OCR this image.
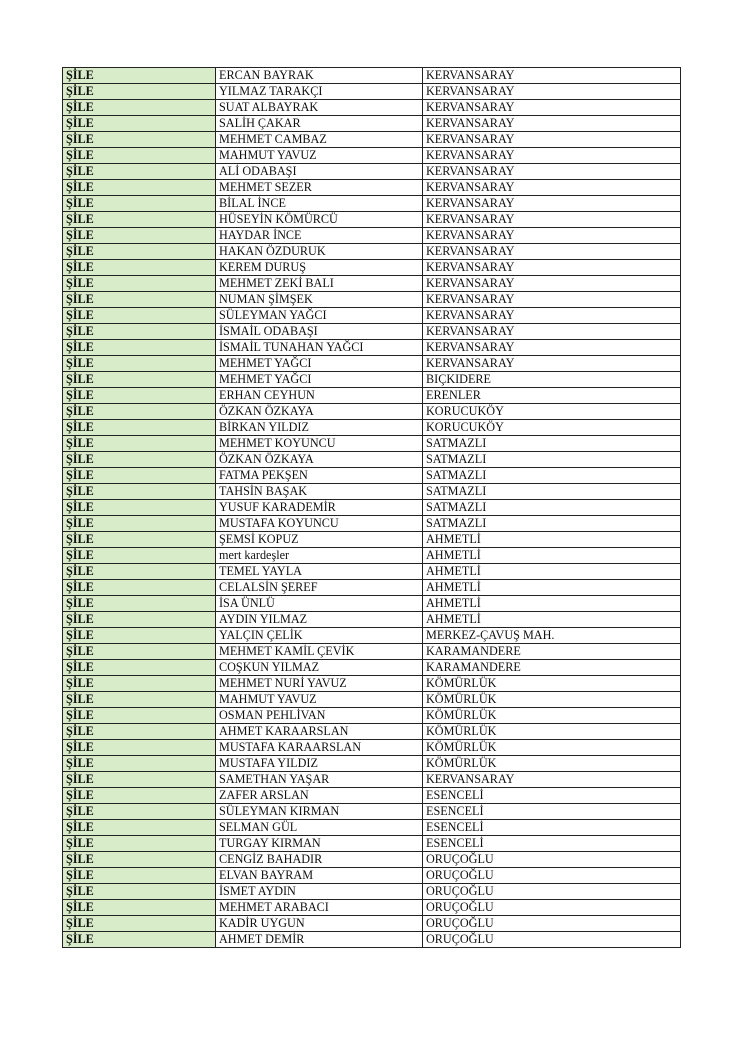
ŞİLE	ERCAN BAYRAK	KERVANSARAY
ŞİLE	YILMAZ TARAKÇI	KERVANSARAY
ŞİLE	SUAT ALBAYRAK	KERVANSARAY
ŞİLE	SALİH ÇAKAR	KERVANSARAY
ŞİLE	MEHMET CAMBAZ	KERVANSARAY
ŞİLE	MAHMUT YAVUZ	KERVANSARAY
ŞİLE	ALİ ODABAŞI	KERVANSARAY
ŞİLE	MEHMET SEZER	KERVANSARAY
ŞİLE	BİLAL İNCE	KERVANSARAY
ŞİLE	HÜSEYİN KÖMÜRCÜ	KERVANSARAY
ŞİLE	HAYDAR İNCE	KERVANSARAY
ŞİLE	HAKAN ÖZDURUK	KERVANSARAY
ŞİLE	KEREM DURUŞ	KERVANSARAY
ŞİLE	MEHMET ZEKİ BALI	KERVANSARAY
ŞİLE	NUMAN ŞİMŞEK	KERVANSARAY
ŞİLE	SÜLEYMAN YAĞCI	KERVANSARAY
ŞİLE	İSMAİL ODABAŞI	KERVANSARAY
ŞİLE	İSMAİL TUNAHAN YAĞCI	KERVANSARAY
ŞİLE	MEHMET YAĞCI	KERVANSARAY
ŞİLE	MEHMET YAĞCI	BIÇKIDERE
ŞİLE	ERHAN CEYHUN	ERENLER
ŞİLE	ÖZKAN ÖZKAYA	KORUCUKÖY
ŞİLE	BİRKAN YILDIZ	KORUCUKÖY
ŞİLE	MEHMET KOYUNCU	SATMAZLI
ŞİLE	ÖZKAN ÖZKAYA	SATMAZLI
ŞİLE	FATMA PEKŞEN	SATMAZLI
ŞİLE	TAHSİN BAŞAK	SATMAZLI
ŞİLE	YUSUF KARADEMİR	SATMAZLI
ŞİLE	MUSTAFA KOYUNCU	SATMAZLI
ŞİLE	ŞEMSİ KOPUZ	AHMETLİ
ŞİLE	mert kardeşler	AHMETLİ
ŞİLE	TEMEL YAYLA	AHMETLİ
ŞİLE	CELALSİN ŞEREF	AHMETLİ
ŞİLE	İSA ÜNLÜ	AHMETLİ
ŞİLE	AYDIN YILMAZ	AHMETLİ
ŞİLE	YALÇIN ÇELİK	MERKEZ-ÇAVUŞ MAH.
ŞİLE	MEHMET KAMİL ÇEVİK	KARAMANDERE
ŞİLE	COŞKUN YILMAZ	KARAMANDERE
ŞİLE	MEHMET NURİ YAVUZ	KÖMÜRLÜK
ŞİLE	MAHMUT YAVUZ	KÖMÜRLÜK
ŞİLE	OSMAN PEHLİVAN	KÖMÜRLÜK
ŞİLE	AHMET KARAARSLAN	KÖMÜRLÜK
ŞİLE	MUSTAFA KARAARSLAN	KÖMÜRLÜK
ŞİLE	MUSTAFA YILDIZ	KÖMÜRLÜK
ŞİLE	SAMETHAN YAŞAR	KERVANSARAY
ŞİLE	ZAFER ARSLAN	ESENCELİ
ŞİLE	SÜLEYMAN KIRMAN	ESENCELİ
ŞİLE	SELMAN GÜL	ESENCELİ
ŞİLE	TURGAY KIRMAN	ESENCELİ
ŞİLE	CENGİZ BAHADIR	ORUÇOĞLU
ŞİLE	ELVAN BAYRAM	ORUÇOĞLU
ŞİLE	İSMET AYDIN	ORUÇOĞLU
ŞİLE	MEHMET ARABACI	ORUÇOĞLU
ŞİLE	KADİR UYGUN	ORUÇOĞLU
ŞİLE	AHMET DEMİR	ORUÇOĞLU
